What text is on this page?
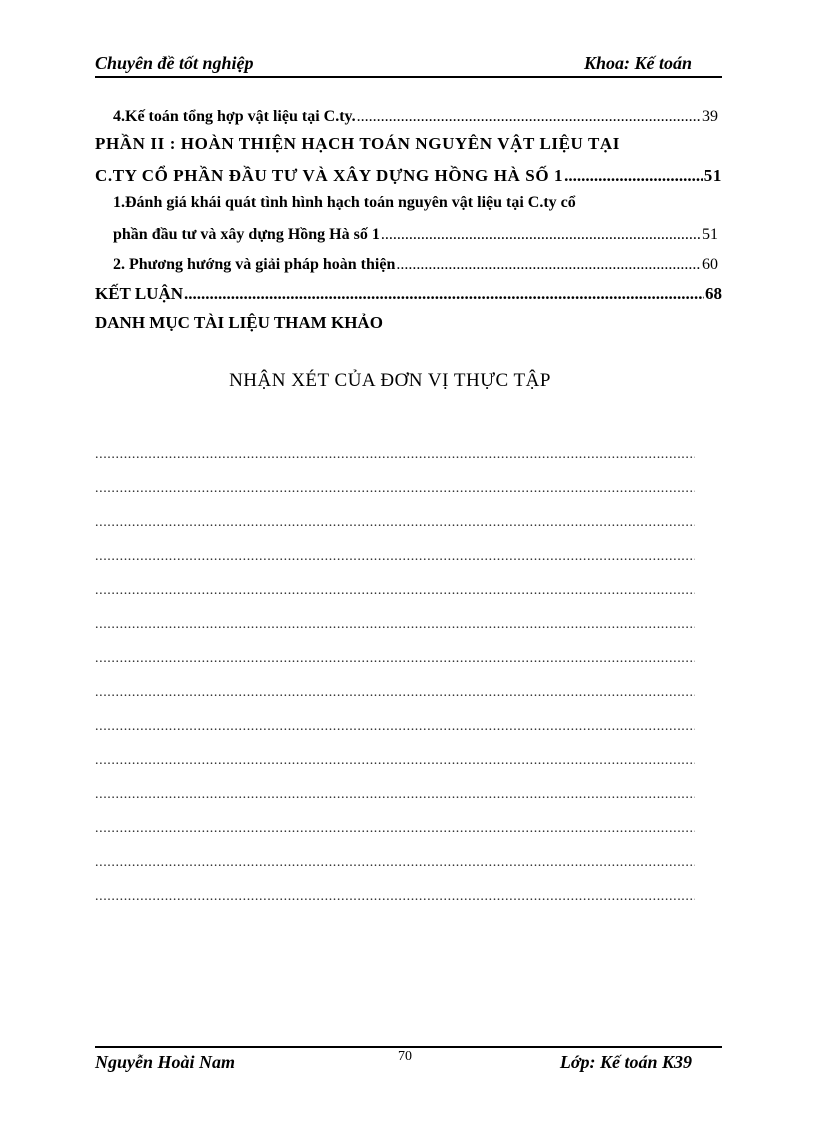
Chuyên đề tốt nghiệp	Khoa: Kế toán
4.Kế toán tổng hợp vật liệu tại C.ty. .....	39
PHẦN II : HOÀN THIỆN HẠCH TOÁN NGUYÊN VẬT LIỆU TẠI
C.TY CỔ PHẦN ĐẦU TƯ VÀ XÂY DỰNG HỒNG HÀ SỐ 1 .....	51
1.Đánh giá khái quát tình hình hạch toán nguyên vật liệu tại C.ty cổ
phần đầu tư và xây dựng Hồng Hà số 1 .....	51
2. Phương hướng và giải pháp hoàn thiện .....	60
KẾT LUẬN .....	68
DANH MỤC TÀI LIỆU THAM KHẢO
NHẬN XÉT CỦA ĐƠN VỊ THỰC TẬP
.....
.....
.....
.....
.....
.....
.....
.....
.....
.....
.....
.....
.....
.....
Nguyễn Hoài Nam	70	Lớp: Kế toán K39
